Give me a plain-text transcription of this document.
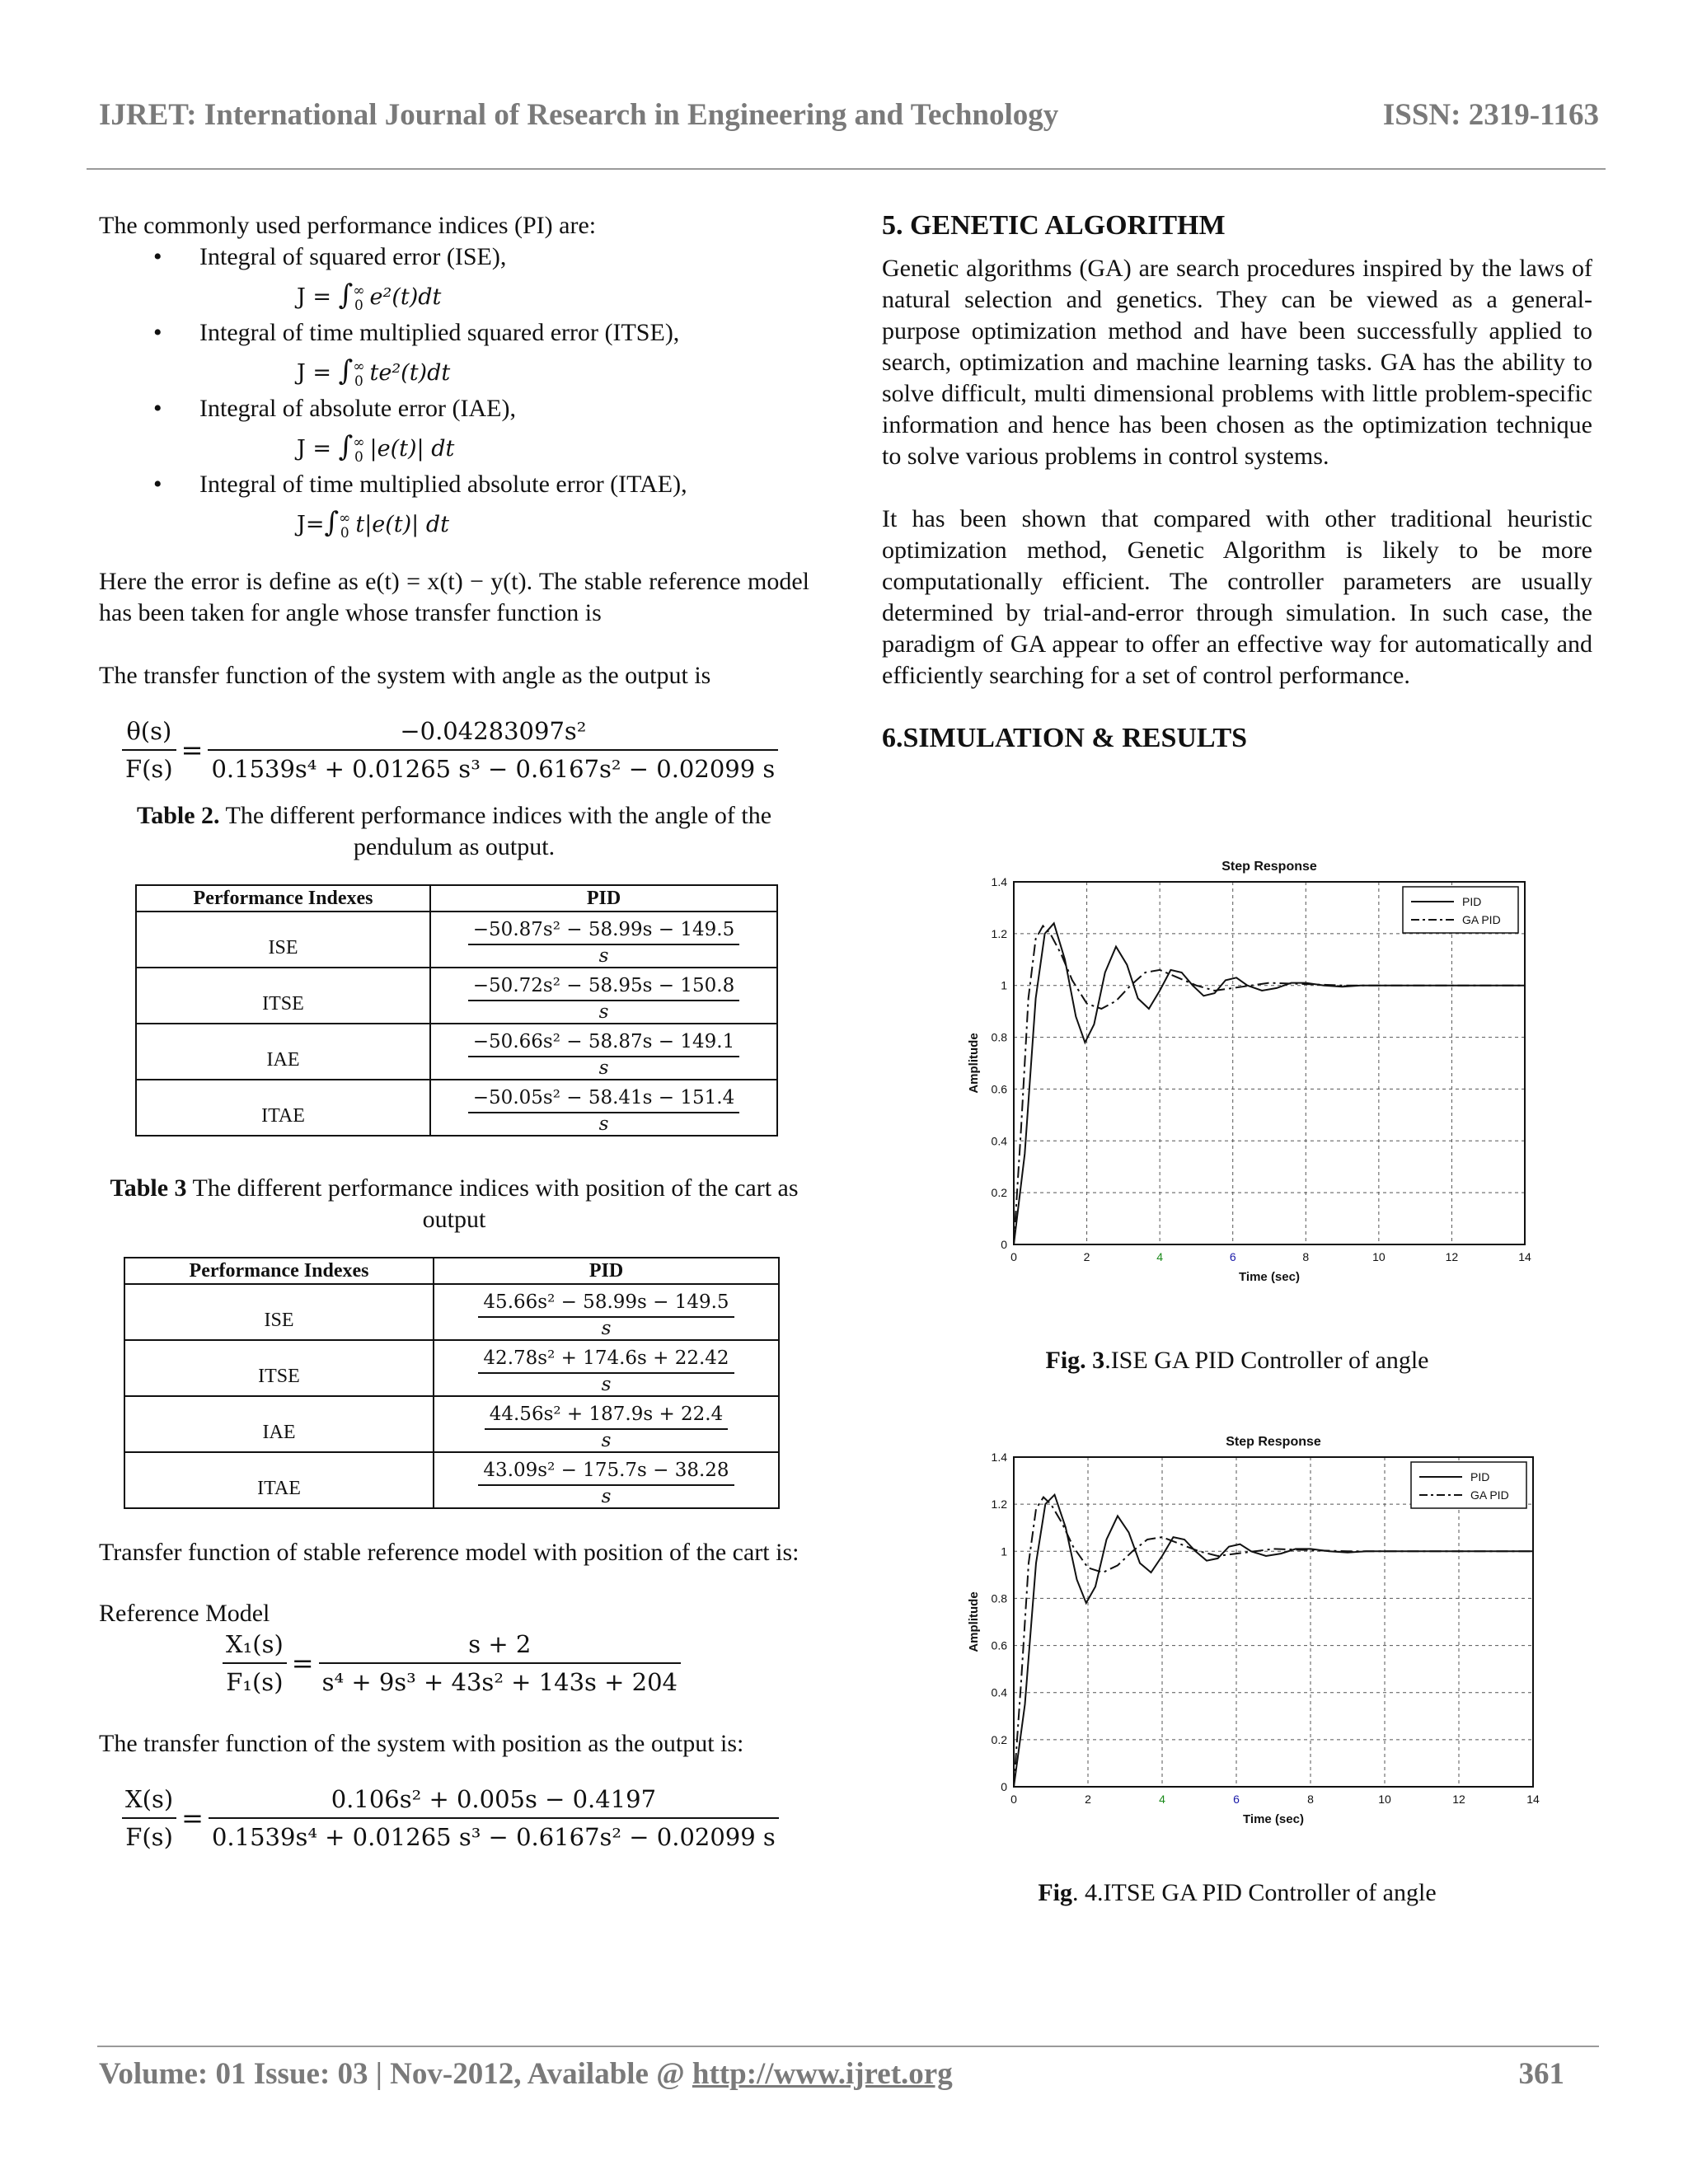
IJRET: International Journal of Research in Engineering and Technology	ISSN: 2319-1163

The commonly used performance indices (PI) are:

• Integral of squared error (ISE),
J = ∫∞
0 e²(t)dt
• Integral of time multiplied squared error (ITSE),
J = ∫∞
0 te²(t)dt
• Integral of absolute error (IAE),
J = ∫∞
0 |e(t)| dt
• Integral of time multiplied absolute error (ITAE),
J=∫∞
0 t|e(t)| dt

Here the error is define as e(t) = x(t) − y(t). The stable reference model has been taken for angle whose transfer function is

The transfer function of the system with angle as the output is

$\frac{\theta(s)}{F(s)} = \frac{\text{−0.04283097s²}}{\text{0.1539s⁴ + 0.01265 s³ − 0.6167s² − 0.02099 s}}$

Table 2. The different performance indices with the angle of the pendulum as output.

Performance Indexes	PID
ISE	$\frac{\text{−50.87s² − 58.99s − 149.5}}{s}$

ITSE	$\frac{\text{−50.72s² − 58.95s − 150.8}}{s}$

IAE	$\frac{\text{−50.66s² − 58.87s − 149.1}}{s}$

ITAE	$\frac{\text{−50.05s² − 58.41s − 151.4}}{s}$

Table 3 The different performance indices with position of the cart as output

Performance Indexes	PID
ISE	$\frac{\text{45.66s² − 58.99s − 149.5}}{s}$

ITSE	$\frac{\text{42.78s² + 174.6s + 22.42}}{s}$

IAE	$\frac{\text{44.56s² + 187.9s + 22.4}}{s}$

ITAE	$\frac{\text{43.09s² − 175.7s − 38.28}}{s}$

Transfer function of stable reference model with position of the cart is:

Reference Model

$\frac{\text{X₁(s)}}{\text{F₁(s)}} = \frac{s + 2}{\text{s⁴ + 9s³ + 43s² + 143s + 204}}$

The transfer function of the system with position as the output is:

$\frac{X(s)}{F(s)} = \frac{\text{0.106s² + 0.005s − 0.4197}}{\text{0.1539s⁴ + 0.01265 s³ − 0.6167s² − 0.02099 s}}$
5. GENETIC ALGORITHM

Genetic algorithms (GA) are search procedures inspired by the laws of natural selection and genetics. They can be viewed as a general-purpose optimization method and have been successfully applied to search, optimization and machine learning tasks. GA has the ability to solve difficult, multi dimensional problems with little problem-specific information and hence has been chosen as the optimization technique to solve various problems in control systems.

It has been shown that compared with other traditional heuristic optimization method, Genetic Algorithm is likely to be more computationally efficient. The controller parameters are usually determined by trial-and-error through simulation. In such case, the paradigm of GA appear to offer an effective way for automatically and efficiently searching for a set of control performance.

6.SIMULATION & RESULTS
Step Response
0	2	4	6	8	10	12	14
0
0.2
0.4
0.6
0.8
1
1.2
1.4
Time (sec)
Amplitude
PID
GA PID

Fig. 3.ISE GA PID Controller of angle

Step Response
0	2	4	6	8	10	12	14
0
0.2
0.4
0.6
0.8
1
1.2
1.4
Time (sec)
Amplitude
PID
GA PID

Fig. 4.ITSE GA PID Controller of angle

Volume: 01 Issue: 03 | Nov-2012, Available @ http://www.ijret.org	361
